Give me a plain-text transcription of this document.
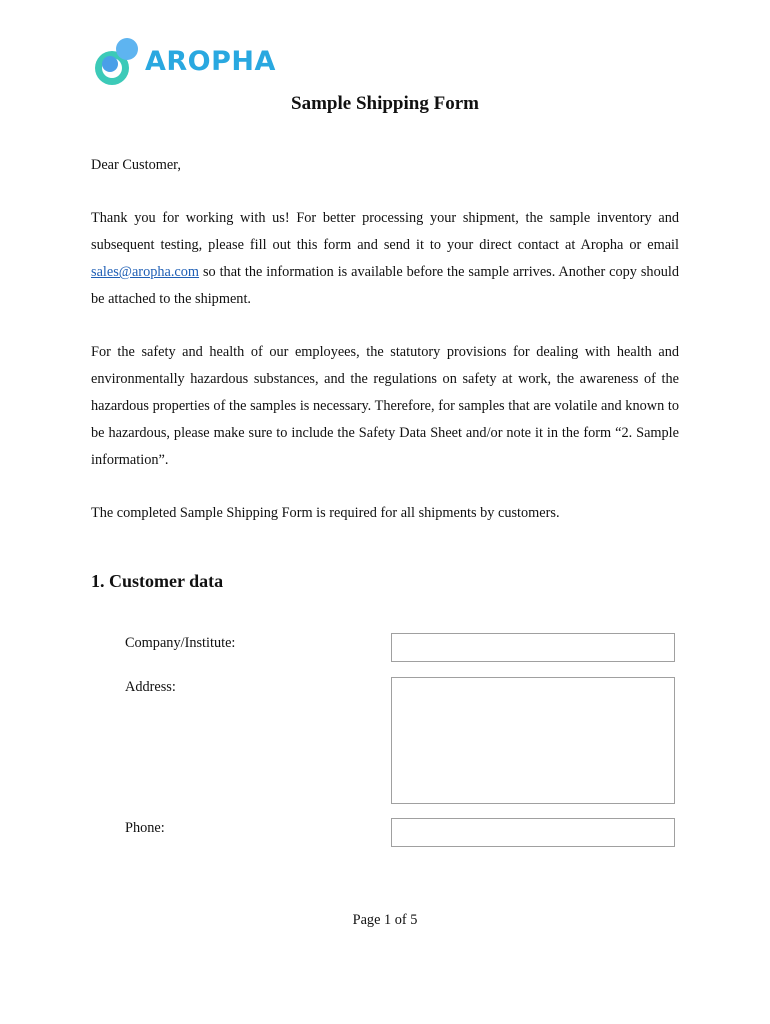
AROPHA
Sample Shipping Form

Dear Customer,

Thank you for working with us! For better processing your shipment, the sample inventory and subsequent testing, please fill out this form and send it to your direct contact at Aropha or email sales@aropha.com so that the information is available before the sample arrives. Another copy should be attached to the shipment.

For the safety and health of our employees, the statutory provisions for dealing with health and environmentally hazardous substances, and the regulations on safety at work, the awareness of the hazardous properties of the samples is necessary. Therefore, for samples that are volatile and known to be hazardous, please make sure to include the Safety Data Sheet and/or note it in the form “2. Sample information”.

The completed Sample Shipping Form is required for all shipments by customers.

1. Customer data
Company/Institute:
Address:
Phone:
Page 1 of 5
